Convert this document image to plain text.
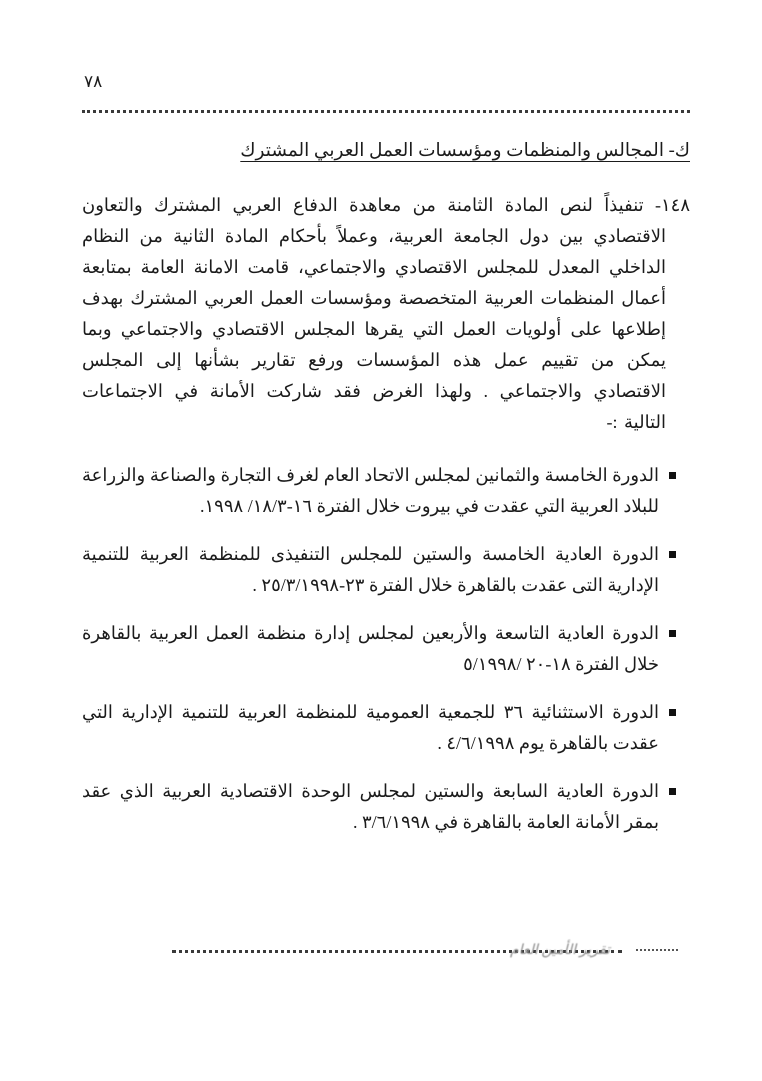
٧٨
ك- المجالس والمنظمات ومؤسسات العمل العربي المشترك

١٤٨- تنفيذاً لنص المادة الثامنة من معاهدة الدفاع العربي المشترك والتعاون الاقتصادي بين دول الجامعة العربية، وعملاً بأحكام المادة الثانية من النظام الداخلي المعدل للمجلس الاقتصادي والاجتماعي، قامت الامانة العامة بمتابعة أعمال المنظمات العربية المتخصصة ومؤسسات العمل العربي المشترك بهدف إطلاعها على أولويات العمل التي يقرها المجلس الاقتصادي والاجتماعي وبما يمكن من تقييم عمل هذه المؤسسات ورفع تقارير بشأنها إلى المجلس الاقتصادي والاجتماعي . ولهذا الغرض فقد شاركت الأمانة في الاجتماعات التالية :-

الدورة الخامسة والثمانين لمجلس الاتحاد العام لغرف التجارة والصناعة والزراعة للبلاد العربية التي عقدت في بيروت خلال الفترة ١٦-١٨/٣/ ١٩٩٨.
الدورة العادية الخامسة والستين للمجلس التنفيذى للمنظمة العربية للتنمية الإدارية التى عقدت بالقاهرة خلال الفترة ٢٣-٢٥/٣/١٩٩٨ .
الدورة العادية التاسعة والأربعين لمجلس إدارة منظمة العمل العربية بالقاهرة خلال الفترة ١٨-٢٠ /٥/١٩٩٨
الدورة الاستثنائية ٣٦ للجمعية العمومية للمنظمة العربية للتنمية الإدارية التي عقدت بالقاهرة يوم ٤/٦/١٩٩٨ .
الدورة العادية السابعة والستين لمجلس الوحدة الاقتصادية العربية الذي عقد بمقر الأمانة العامة بالقاهرة في ٣/٦/١٩٩٨ .
تقرير الأمين العام
